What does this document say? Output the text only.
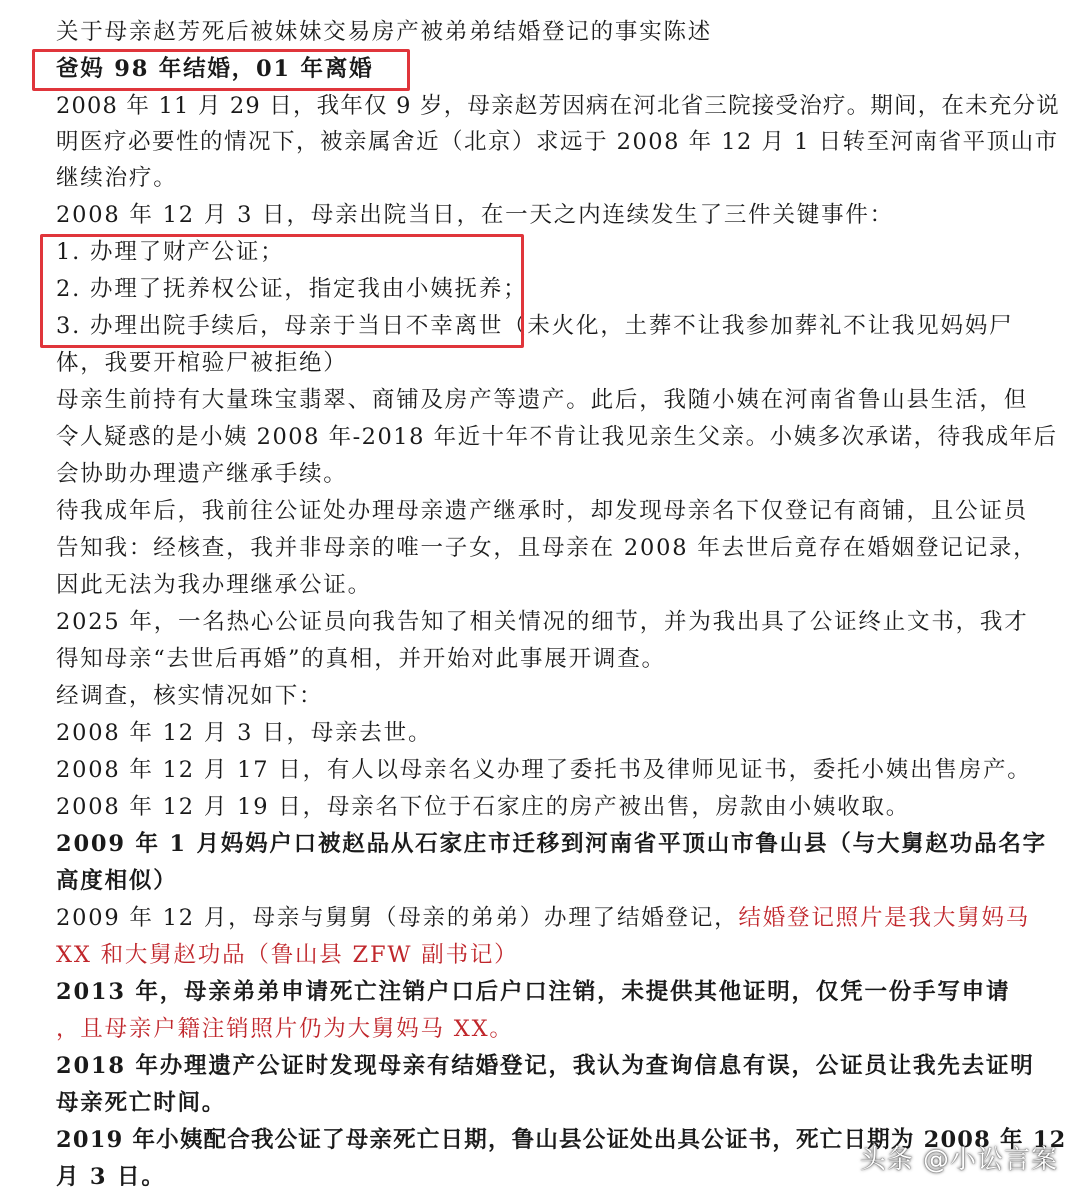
关于母亲赵芳死后被妹妹交易房产被弟弟结婚登记的事实陈述
爸妈 98 年结婚，01 年离婚
2008 年 11 月 29 日，我年仅 9 岁，母亲赵芳因病在河北省三院接受治疗。期间，在未充分说
明医疗必要性的情况下，被亲属舍近（北京）求远于 2008 年 12 月 1 日转至河南省平顶山市
继续治疗。
2008 年 12 月 3 日，母亲出院当日，在一天之内连续发生了三件关键事件：
1. 办理了财产公证；
2. 办理了抚养权公证，指定我由小姨抚养；
3. 办理出院手续后，母亲于当日不幸离世（未火化，土葬不让我参加葬礼不让我见妈妈尸
体，我要开棺验尸被拒绝）
母亲生前持有大量珠宝翡翠、商铺及房产等遗产。此后，我随小姨在河南省鲁山县生活，但
令人疑惑的是小姨 2008 年-2018 年近十年不肯让我见亲生父亲。小姨多次承诺，待我成年后
会协助办理遗产继承手续。
待我成年后，我前往公证处办理母亲遗产继承时，却发现母亲名下仅登记有商铺，且公证员
告知我：经核查，我并非母亲的唯一子女，且母亲在 2008 年去世后竟存在婚姻登记记录，
因此无法为我办理继承公证。
2025 年，一名热心公证员向我告知了相关情况的细节，并为我出具了公证终止文书，我才
得知母亲“去世后再婚”的真相，并开始对此事展开调查。
经调查，核实情况如下：
2008 年 12 月 3 日，母亲去世。
2008 年 12 月 17 日，有人以母亲名义办理了委托书及律师见证书，委托小姨出售房产。
2008 年 12 月 19 日，母亲名下位于石家庄的房产被出售，房款由小姨收取。
2009 年 1 月妈妈户口被赵品从石家庄市迁移到河南省平顶山市鲁山县（与大舅赵功品名字
高度相似）
2009 年 12 月，母亲与舅舅（母亲的弟弟）办理了结婚登记，结婚登记照片是我大舅妈马
XX 和大舅赵功品（鲁山县 ZFW 副书记）
2013 年，母亲弟弟申请死亡注销户口后户口注销，未提供其他证明，仅凭一份手写申请
，且母亲户籍注销照片仍为大舅妈马 XX。
2018 年办理遗产公证时发现母亲有结婚登记，我认为查询信息有误，公证员让我先去证明
母亲死亡时间。
2019 年小姨配合我公证了母亲死亡日期，鲁山县公证处出具公证书，死亡日期为 2008 年 12
月 3 日。
头条 @小讼言案
